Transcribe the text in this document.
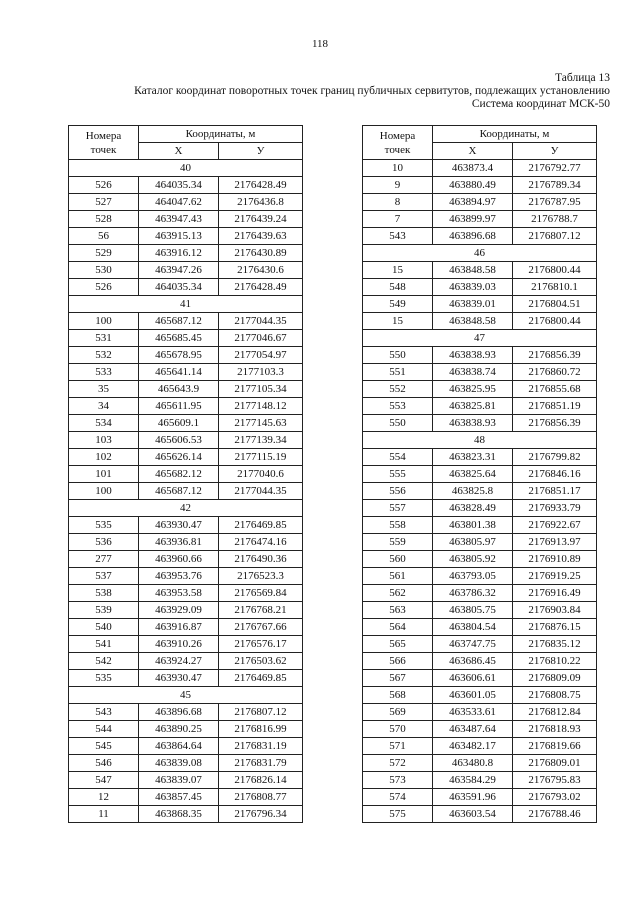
118
Таблица 13
Каталог координат поворотных точек границ публичных сервитутов, подлежащих установлению
Система координат МСК-50
Номера
точек	Координаты, м	
	X	У
40		
526	464035.34	2176428.49
527	464047.62	2176436.8
528	463947.43	2176439.24
56	463915.13	2176439.63
529	463916.12	2176430.89
530	463947.26	2176430.6
526	464035.34	2176428.49
41		
100	465687.12	2177044.35
531	465685.45	2177046.67
532	465678.95	2177054.97
533	465641.14	2177103.3
35	465643.9	2177105.34
34	465611.95	2177148.12
534	465609.1	2177145.63
103	465606.53	2177139.34
102	465626.14	2177115.19
101	465682.12	2177040.6
100	465687.12	2177044.35
42		
535	463930.47	2176469.85
536	463936.81	2176474.16
277	463960.66	2176490.36
537	463953.76	2176523.3
538	463953.58	2176569.84
539	463929.09	2176768.21
540	463916.87	2176767.66
541	463910.26	2176576.17
542	463924.27	2176503.62
535	463930.47	2176469.85
45		
543	463896.68	2176807.12
544	463890.25	2176816.99
545	463864.64	2176831.19
546	463839.08	2176831.79
547	463839.07	2176826.14
12	463857.45	2176808.77
11	463868.35	2176796.34
Номера
точек	Координаты, м	
	X	У
10	463873.4	2176792.77
9	463880.49	2176789.34
8	463894.97	2176787.95
7	463899.97	2176788.7
543	463896.68	2176807.12
46		
15	463848.58	2176800.44
548	463839.03	2176810.1
549	463839.01	2176804.51
15	463848.58	2176800.44
47		
550	463838.93	2176856.39
551	463838.74	2176860.72
552	463825.95	2176855.68
553	463825.81	2176851.19
550	463838.93	2176856.39
48		
554	463823.31	2176799.82
555	463825.64	2176846.16
556	463825.8	2176851.17
557	463828.49	2176933.79
558	463801.38	2176922.67
559	463805.97	2176913.97
560	463805.92	2176910.89
561	463793.05	2176919.25
562	463786.32	2176916.49
563	463805.75	2176903.84
564	463804.54	2176876.15
565	463747.75	2176835.12
566	463686.45	2176810.22
567	463606.61	2176809.09
568	463601.05	2176808.75
569	463533.61	2176812.84
570	463487.64	2176818.93
571	463482.17	2176819.66
572	463480.8	2176809.01
573	463584.29	2176795.83
574	463591.96	2176793.02
575	463603.54	2176788.46
